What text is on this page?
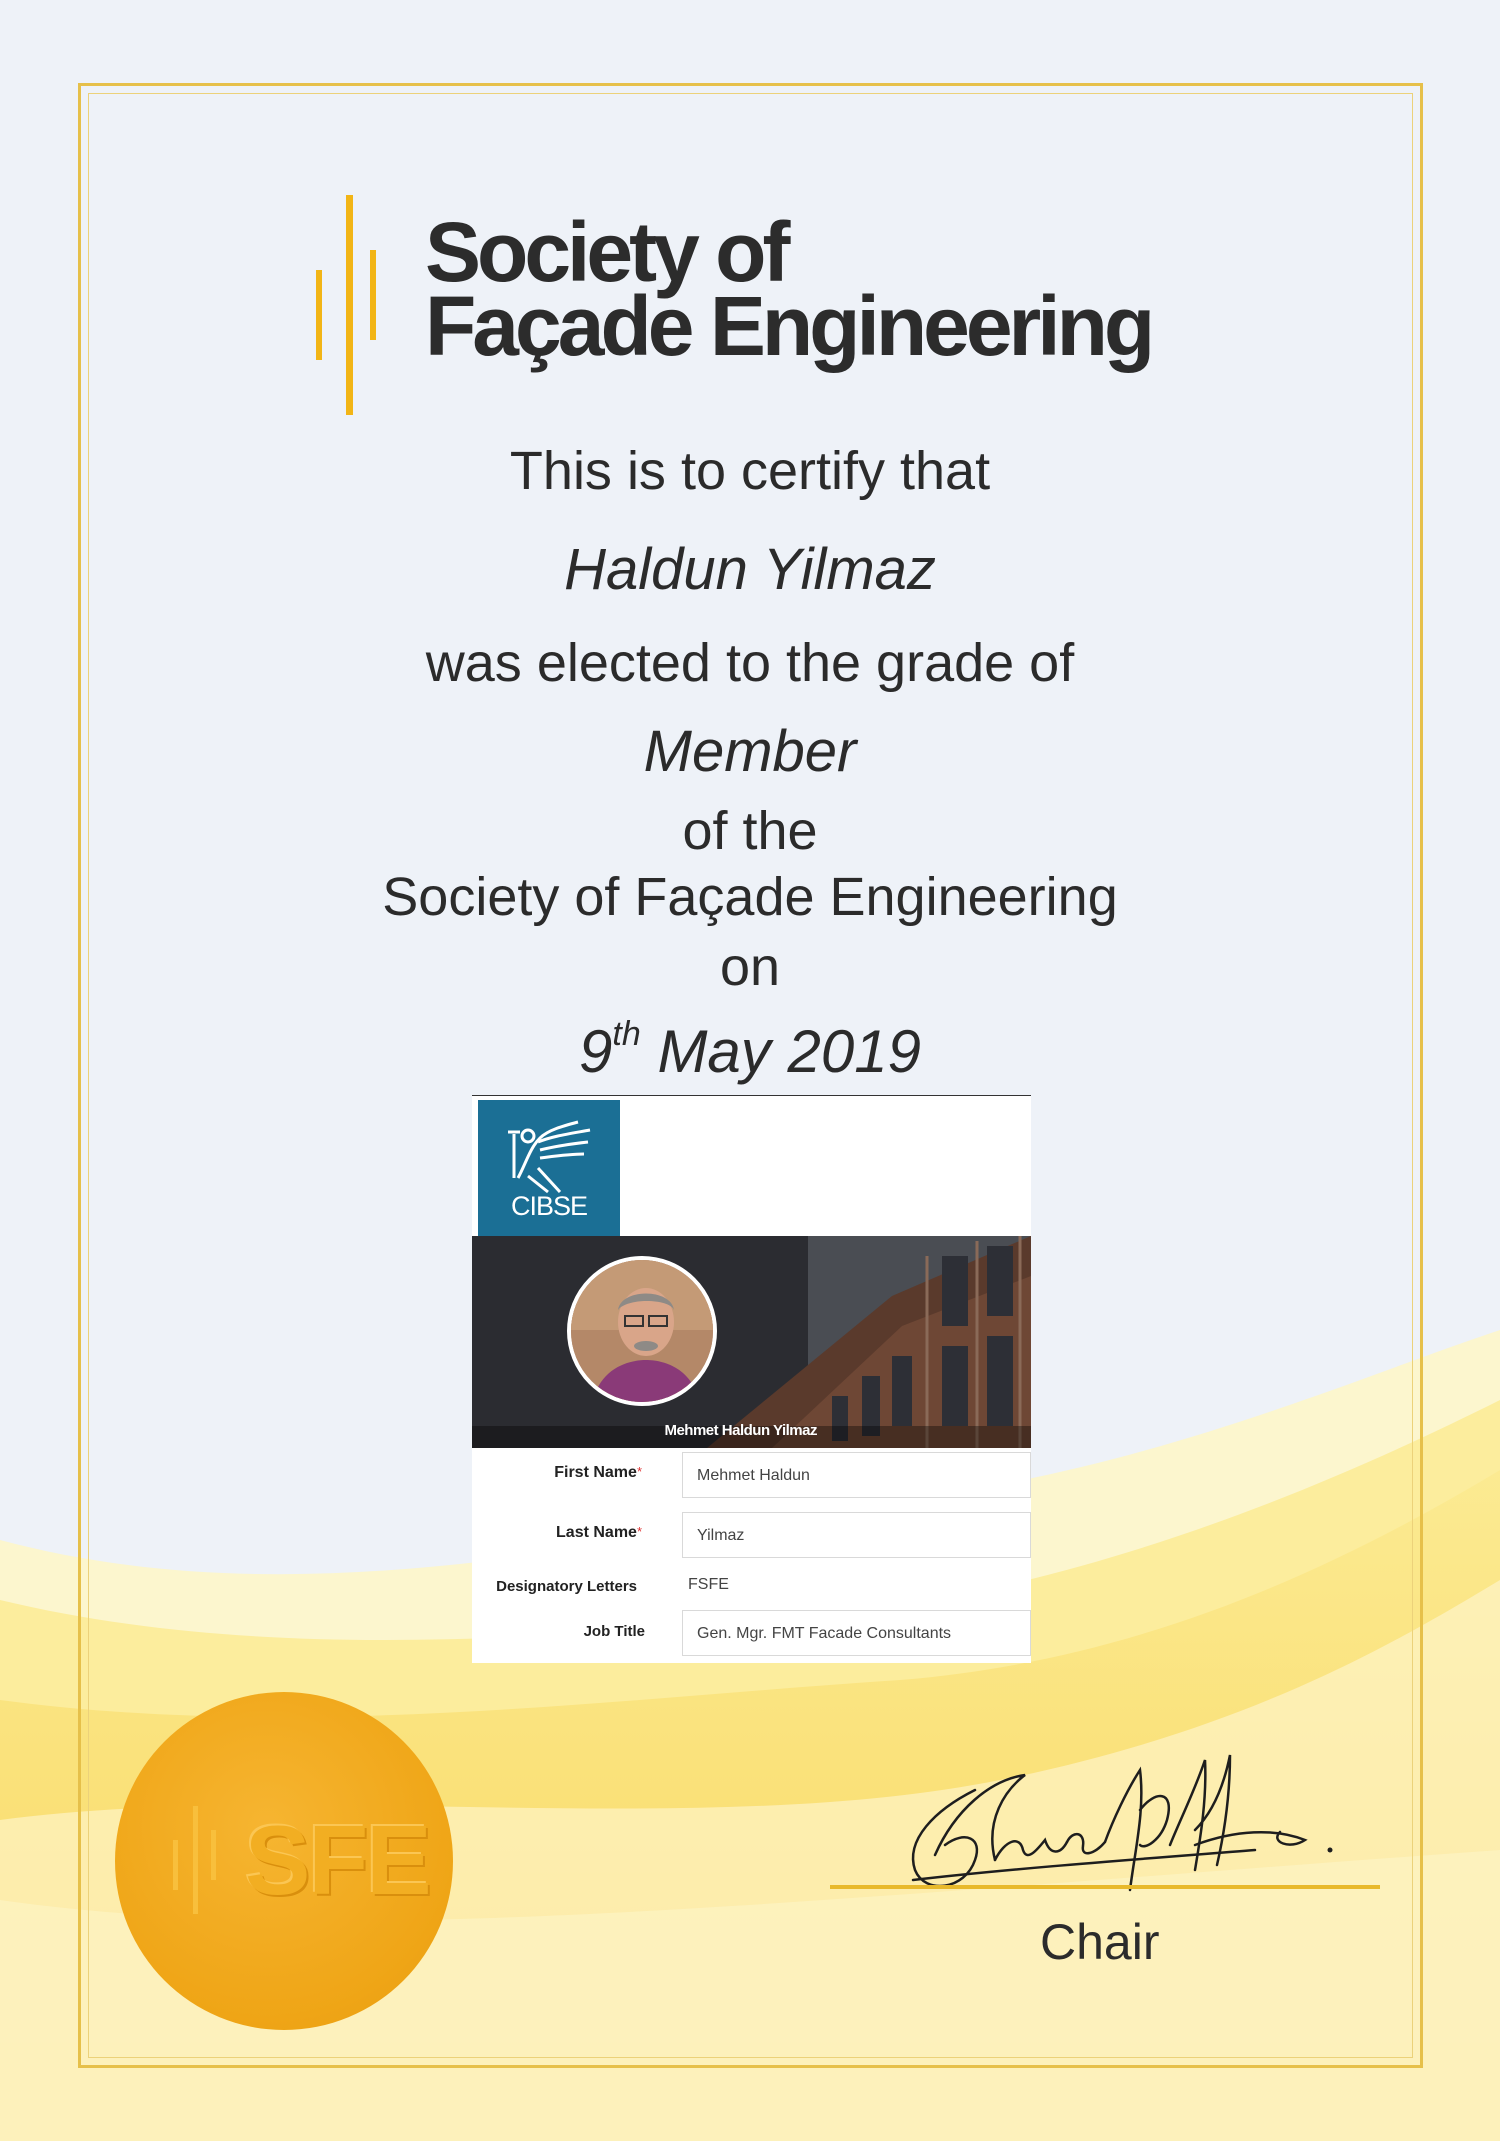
Society of
Façade Engineering
This is to certify that
Haldun Yilmaz
was elected to the grade of
Member
of the
Society of Façade Engineering
on
9th May 2019
CIBSE
Mehmet Haldun Yilmaz
First Name*	Mehmet Haldun
Last Name*	Yilmaz
Designatory Letters	FSFE
Job Title	Gen. Mgr. FMT Facade Consultants
SFE
Chair
